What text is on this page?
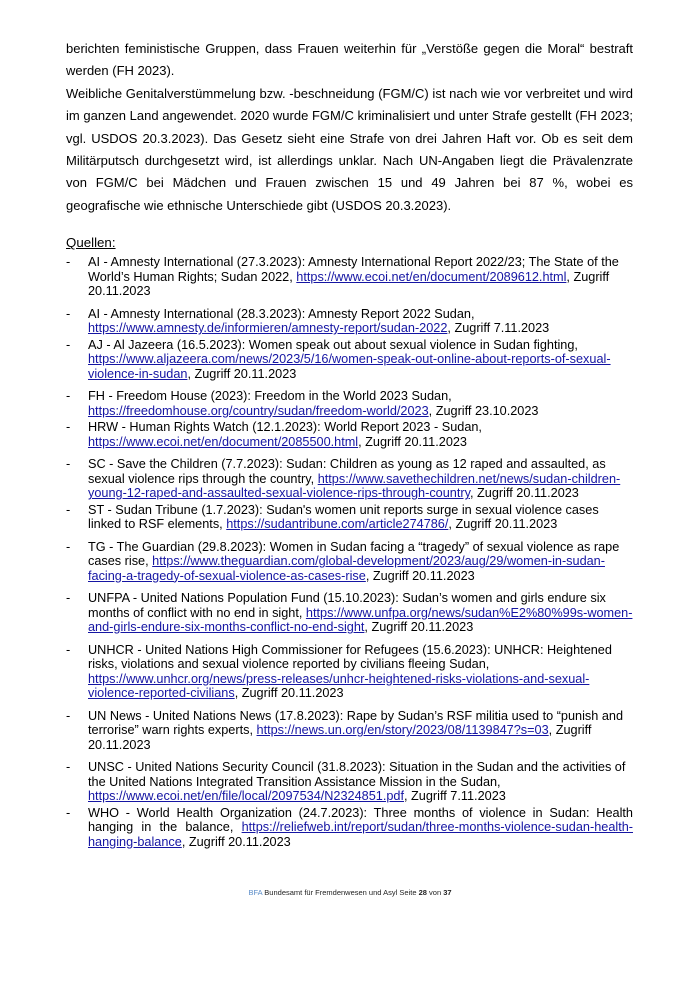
berichten feministische Gruppen, dass Frauen weiterhin für „Verstöße gegen die Moral“ bestraft werden (FH 2023).

Weibliche Genitalverstümmelung bzw. -beschneidung (FGM/C) ist nach wie vor verbreitet und wird im ganzen Land angewendet. 2020 wurde FGM/C kriminalisiert und unter Strafe gestellt (FH 2023; vgl. USDOS 20.3.2023). Das Gesetz sieht eine Strafe von drei Jahren Haft vor. Ob es seit dem Militärputsch durchgesetzt wird, ist allerdings unklar. Nach UN-Angaben liegt die Prävalenzrate von FGM/C bei Mädchen und Frauen zwischen 15 und 49 Jahren bei 87 %, wobei es geografische wie ethnische Unterschiede gibt (USDOS 20.3.2023).

Quellen:
- AI - Amnesty International (27.3.2023): Amnesty International Report 2022/23; The State of the World’s Human Rights; Sudan 2022, https://www.ecoi.net/en/document/2089612.html, Zugriff 20.11.2023
- AI - Amnesty International (28.3.2023): Amnesty Report 2022 Sudan, https://www.amnesty.de/informieren/amnesty-report/sudan-2022, Zugriff 7.11.2023
- AJ - Al Jazeera (16.5.2023): Women speak out about sexual violence in Sudan fighting, https://www.aljazeera.com/news/2023/5/16/women-speak-out-online-about-reports-of-sexual-violence-in-sudan, Zugriff 20.11.2023
- FH - Freedom House (2023): Freedom in the World 2023 Sudan, https://freedomhouse.org/country/sudan/freedom-world/2023, Zugriff 23.10.2023
- HRW - Human Rights Watch (12.1.2023): World Report 2023 - Sudan, https://www.ecoi.net/en/document/2085500.html, Zugriff 20.11.2023
- SC - Save the Children (7.7.2023): Sudan: Children as young as 12 raped and assaulted, as sexual violence rips through the country, https://www.savethechildren.net/news/sudan-children-young-12-raped-and-assaulted-sexual-violence-rips-through-country, Zugriff 20.11.2023
- ST - Sudan Tribune (1.7.2023): Sudan's women unit reports surge in sexual violence cases linked to RSF elements, https://sudantribune.com/article274786/, Zugriff 20.11.2023
- TG - The Guardian (29.8.2023): Women in Sudan facing a “tragedy” of sexual violence as rape cases rise, https://www.theguardian.com/global-development/2023/aug/29/women-in-sudan-facing-a-tragedy-of-sexual-violence-as-cases-rise, Zugriff 20.11.2023
- UNFPA - United Nations Population Fund (15.10.2023): Sudan’s women and girls endure six months of conflict with no end in sight, https://www.unfpa.org/news/sudan%E2%80%99s-women-and-girls-endure-six-months-conflict-no-end-sight, Zugriff 20.11.2023
- UNHCR - United Nations High Commissioner for Refugees (15.6.2023): UNHCR: Heightened risks, violations and sexual violence reported by civilians fleeing Sudan, https://www.unhcr.org/news/press-releases/unhcr-heightened-risks-violations-and-sexual-violence-reported-civilians, Zugriff 20.11.2023
- UN News - United Nations News (17.8.2023): Rape by Sudan’s RSF militia used to “punish and terrorise” warn rights experts, https://news.un.org/en/story/2023/08/1139847?s=03, Zugriff 20.11.2023
- UNSC - United Nations Security Council (31.8.2023): Situation in the Sudan and the activities of the United Nations Integrated Transition Assistance Mission in the Sudan, https://www.ecoi.net/en/file/local/2097534/N2324851.pdf, Zugriff 7.11.2023
- WHO - World Health Organization (24.7.2023): Three months of violence in Sudan: Health hanging in the balance, https://reliefweb.int/report/sudan/three-months-violence-sudan-health-hanging-balance, Zugriff 20.11.2023
BFA Bundesamt für Fremdenwesen und Asyl Seite 28 von 37
